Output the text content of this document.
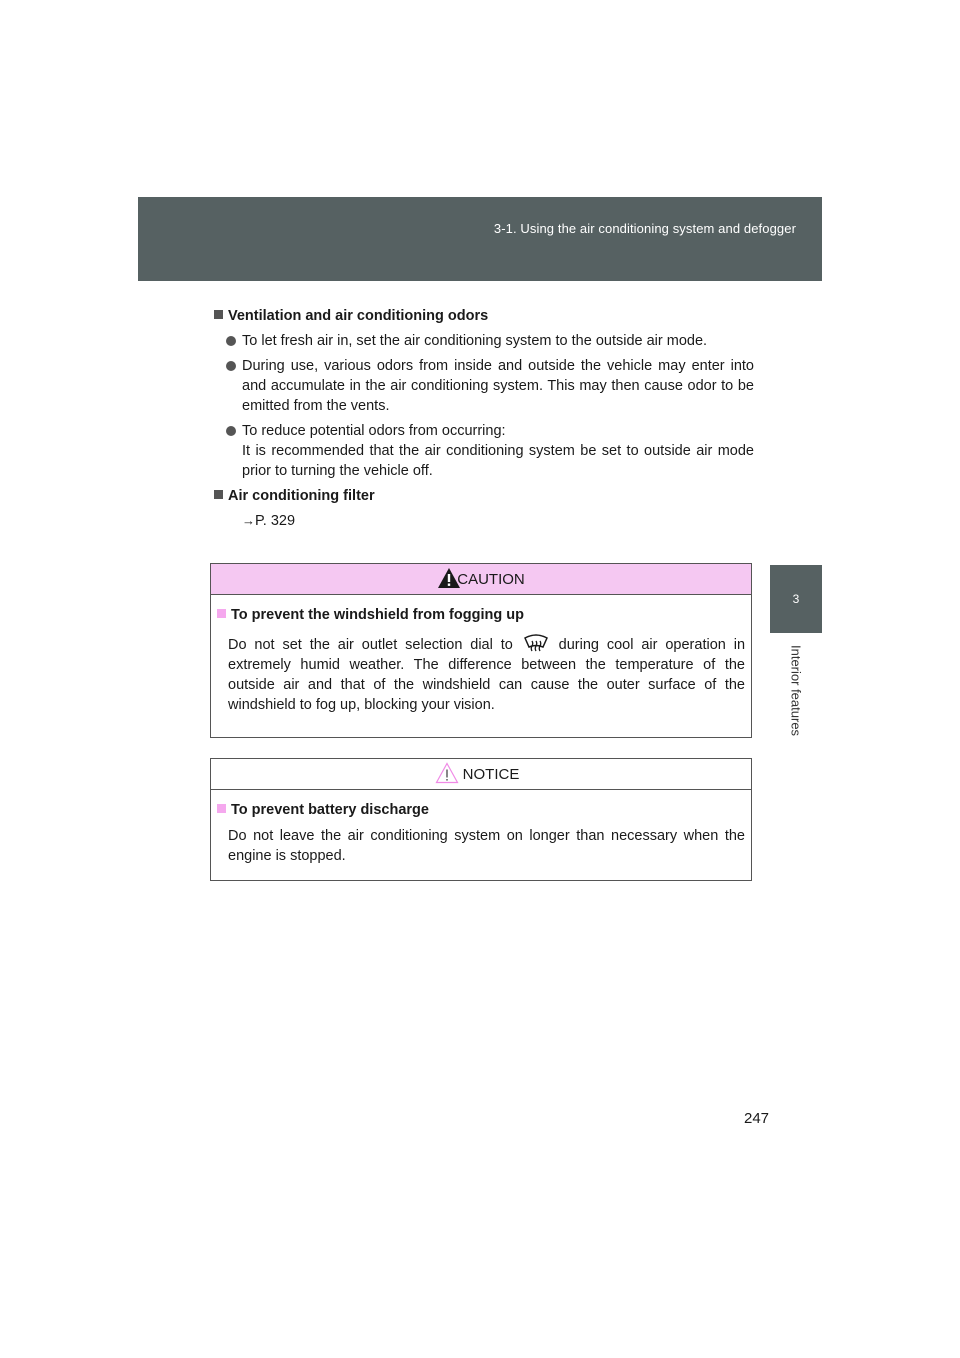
3-1. Using the air conditioning system and defogger
3
Interior features
Ventilation and air conditioning odors
To let fresh air in, set the air conditioning system to the outside air mode.
During use, various odors from inside and outside the vehicle may enter into and accumulate in the air conditioning system. This may then cause odor to be emitted from the vents.
To reduce potential odors from occurring:
It is recommended that the air conditioning system be set to outside air mode prior to turning the vehicle off.
Air conditioning filter
→P. 329
CAUTION
To prevent the windshield from fogging up
Do not set the air outlet selection dial to	during cool air operation in extremely humid weather. The difference between the temperature of the outside air and that of the windshield can cause the outer surface of the windshield to fog up, blocking your vision.
NOTICE
To prevent battery discharge
Do not leave the air conditioning system on longer than necessary when the engine is stopped.
247
